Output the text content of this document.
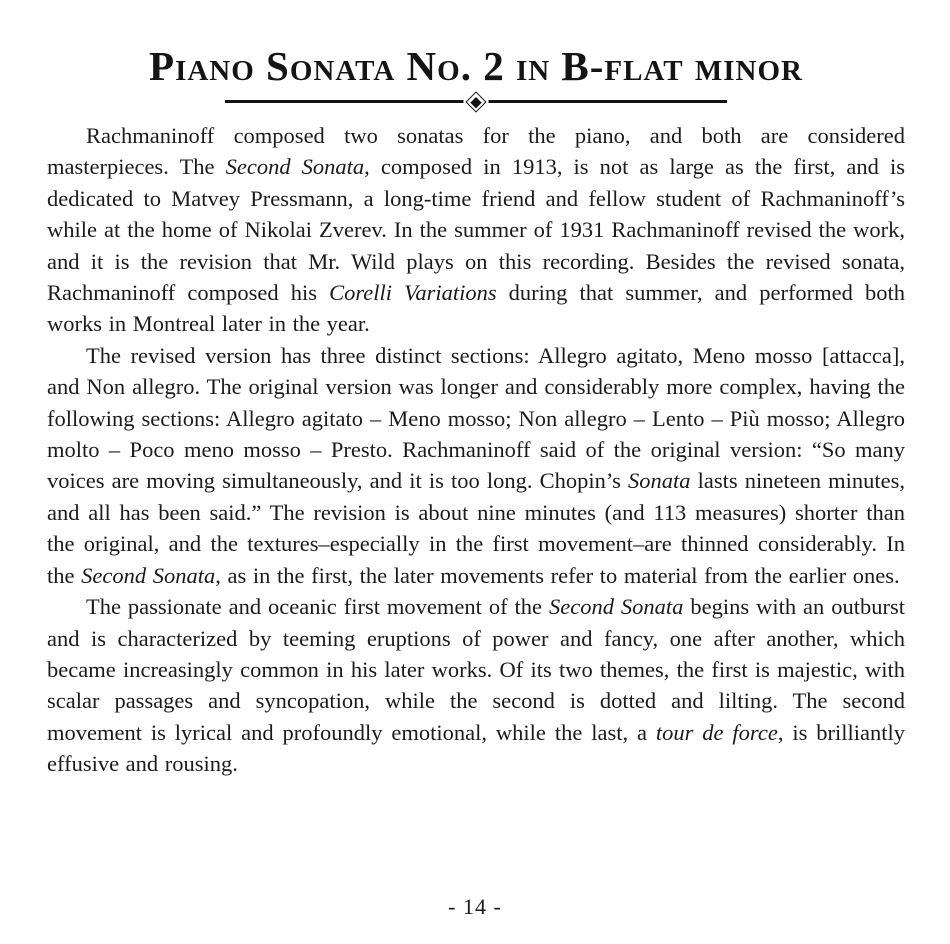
Piano Sonata No. 2 in B-flat minor

Rachmaninoff composed two sonatas for the piano, and both are considered masterpieces. The Second Sonata, composed in 1913, is not as large as the first, and is dedicated to Matvey Pressmann, a long-time friend and fellow student of Rachmaninoff’s while at the home of Nikolai Zverev. In the summer of 1931 Rachmaninoff revised the work, and it is the revision that Mr. Wild plays on this recording. Besides the revised sonata, Rachmaninoff composed his Corelli Variations during that summer, and performed both works in Montreal later in the year.

The revised version has three distinct sections: Allegro agitato, Meno mosso [attacca], and Non allegro. The original version was longer and considerably more complex, having the following sections: Allegro agitato – Meno mosso; Non allegro – Lento – Più mosso; Allegro molto – Poco meno mosso – Presto. Rachmaninoff said of the original version: “So many voices are moving simultaneously, and it is too long. Chopin’s Sonata lasts nineteen minutes, and all has been said.” The revision is about nine minutes (and 113 measures) shorter than the original, and the textures–especially in the first movement–are thinned considerably. In the Second Sonata, as in the first, the later movements refer to material from the earlier ones.

The passionate and oceanic first movement of the Second Sonata begins with an outburst and is characterized by teeming eruptions of power and fancy, one after another, which became increasingly common in his later works. Of its two themes, the first is majestic, with scalar passages and syncopation, while the second is dotted and lilting. The second movement is lyrical and profoundly emotional, while the last, a tour de force, is brilliantly effusive and rousing.

- 14 -
